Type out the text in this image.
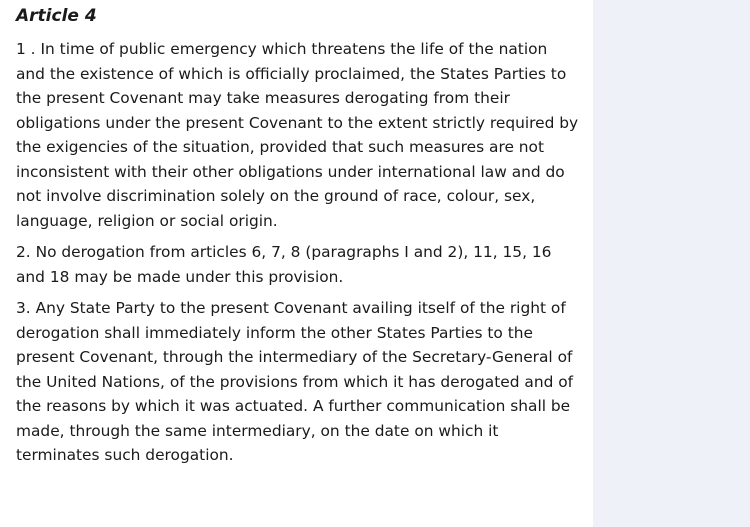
Article 4

1 . In time of public emergency which threatens the life of the nation and the existence of which is officially proclaimed, the States Parties to the present Covenant may take measures derogating from their obligations under the present Covenant to the extent strictly required by the exigencies of the situation, provided that such measures are not inconsistent with their other obligations under international law and do not involve discrimination solely on the ground of race, colour, sex, language, religion or social origin.

2. No derogation from articles 6, 7, 8 (paragraphs I and 2), 11, 15, 16 and 18 may be made under this provision.

3. Any State Party to the present Covenant availing itself of the right of derogation shall immediately inform the other States Parties to the present Covenant, through the intermediary of the Secretary-General of the United Nations, of the provisions from which it has derogated and of the reasons by which it was actuated. A further communication shall be made, through the same intermediary, on the date on which it terminates such derogation.
